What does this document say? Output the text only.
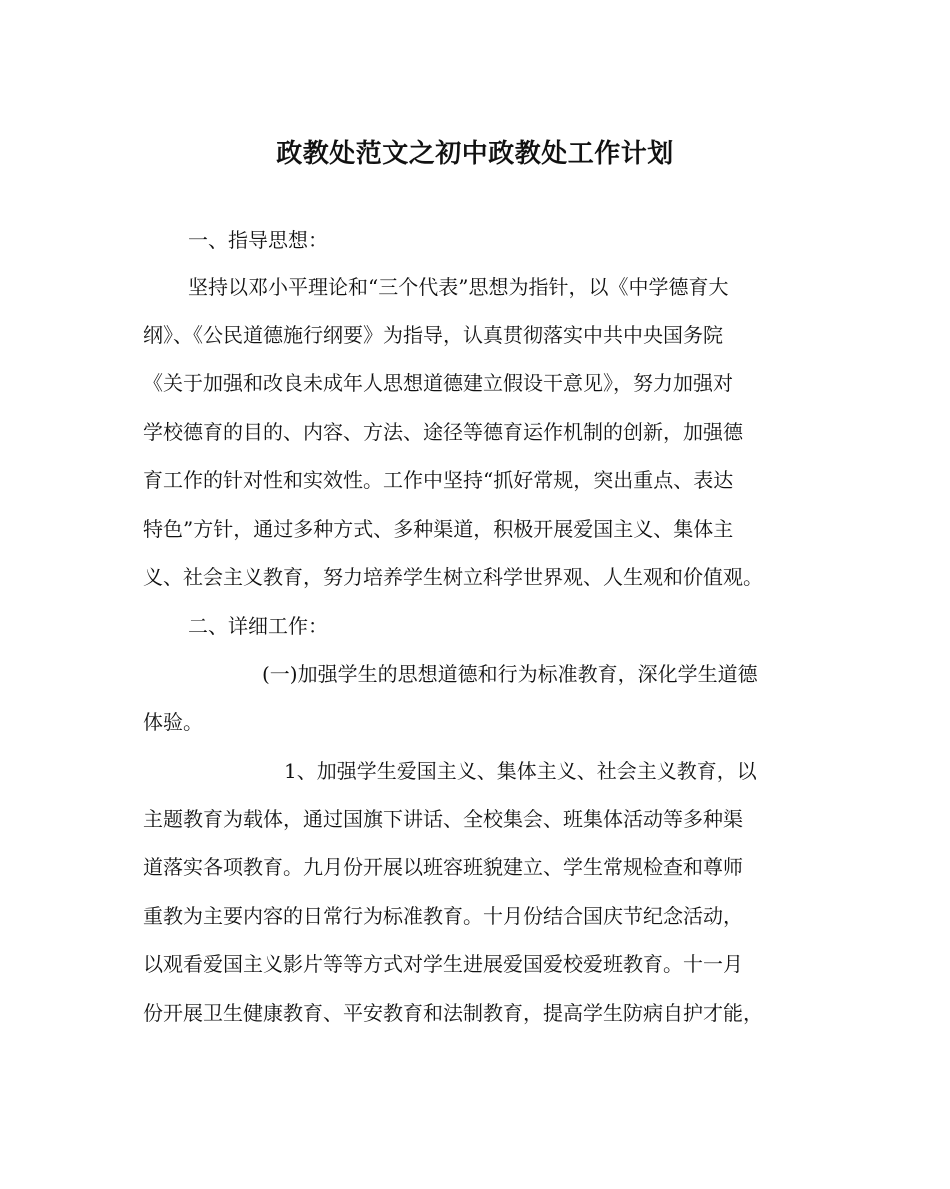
政教处范文之初中政教处工作计划
一、指导思想：
坚持以邓小平理论和“三个代表”思想为指针，以《中学德育大
纲》、《公民道德施行纲要》为指导，认真贯彻落实中共中央国务院
《关于加强和改良未成年人思想道德建立假设干意见》，努力加强对
学校德育的目的、内容、方法、途径等德育运作机制的创新，加强德
育工作的针对性和实效性。工作中坚持“抓好常规，突出重点、表达
特色”方针，通过多种方式、多种渠道，积极开展爱国主义、集体主
义、社会主义教育，努力培养学生树立科学世界观、人生观和价值观。
二、详细工作：
(一)加强学生的思想道德和行为标准教育，深化学生道德
体验。
1、加强学生爱国主义、集体主义、社会主义教育，以
主题教育为载体，通过国旗下讲话、全校集会、班集体活动等多种渠
道落实各项教育。九月份开展以班容班貌建立、学生常规检查和尊师
重教为主要内容的日常行为标准教育。十月份结合国庆节纪念活动，
以观看爱国主义影片等等方式对学生进展爱国爱校爱班教育。十一月
份开展卫生健康教育、平安教育和法制教育，提高学生防病自护才能，
